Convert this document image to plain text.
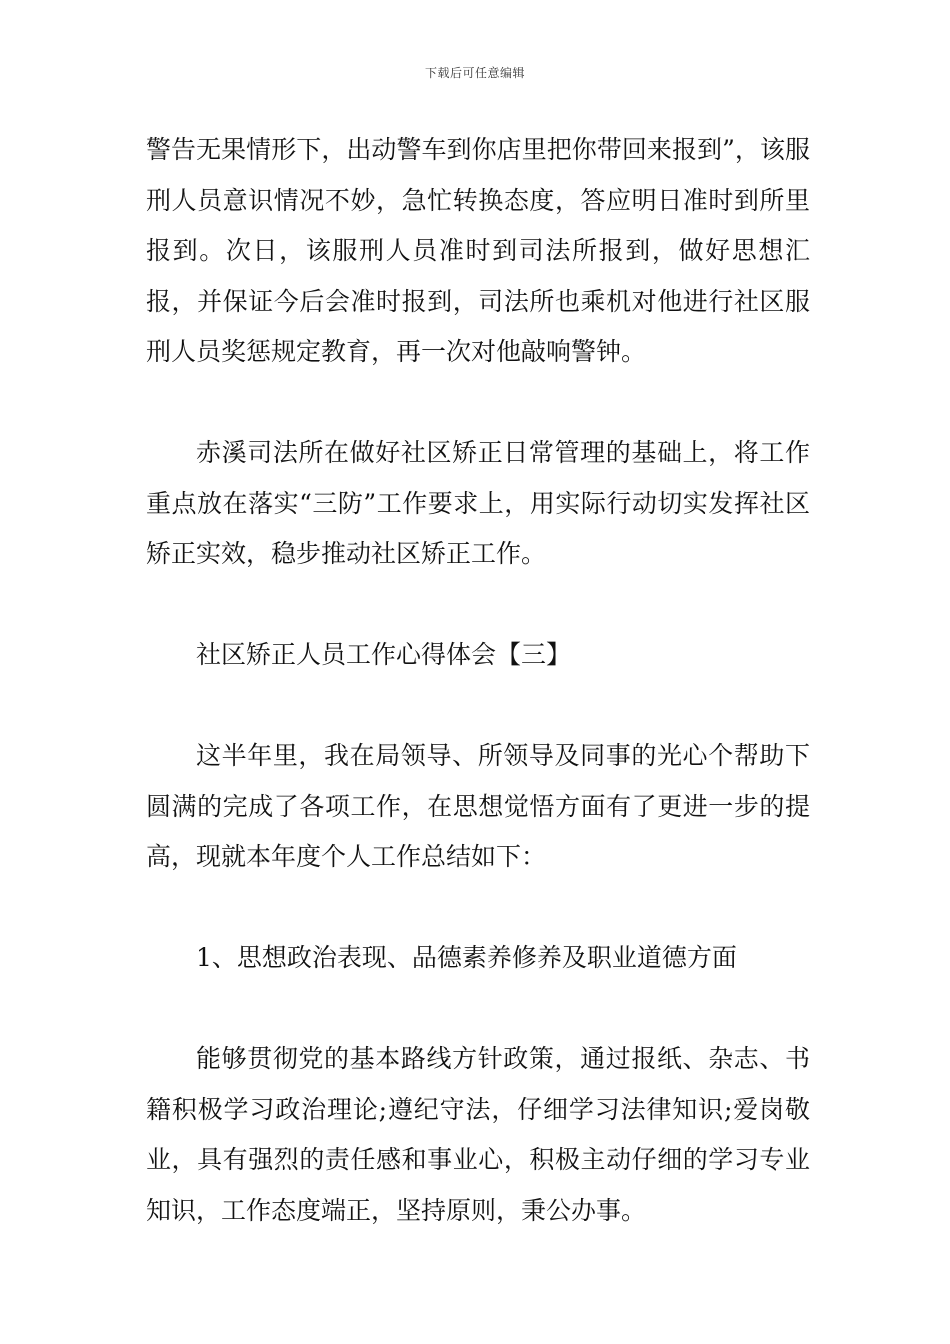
下载后可任意编辑

警告无果情形下，出动警车到你店里把你带回来报到”，该服刑人员意识情况不妙，急忙转换态度，答应明日准时到所里报到。次日，该服刑人员准时到司法所报到，做好思想汇报，并保证今后会准时报到，司法所也乘机对他进行社区服刑人员奖惩规定教育，再一次对他敲响警钟。

赤溪司法所在做好社区矫正日常管理的基础上，将工作重点放在落实“三防”工作要求上，用实际行动切实发挥社区矫正实效，稳步推动社区矫正工作。

社区矫正人员工作心得体会【三】

这半年里，我在局领导、所领导及同事的光心个帮助下圆满的完成了各项工作，在思想觉悟方面有了更进一步的提高，现就本年度个人工作总结如下：

1、思想政治表现、品德素养修养及职业道德方面

能够贯彻党的基本路线方针政策，通过报纸、杂志、书籍积极学习政治理论;遵纪守法，仔细学习法律知识;爱岗敬业，具有强烈的责任感和事业心，积极主动仔细的学习专业知识，工作态度端正，坚持原则，秉公办事。
